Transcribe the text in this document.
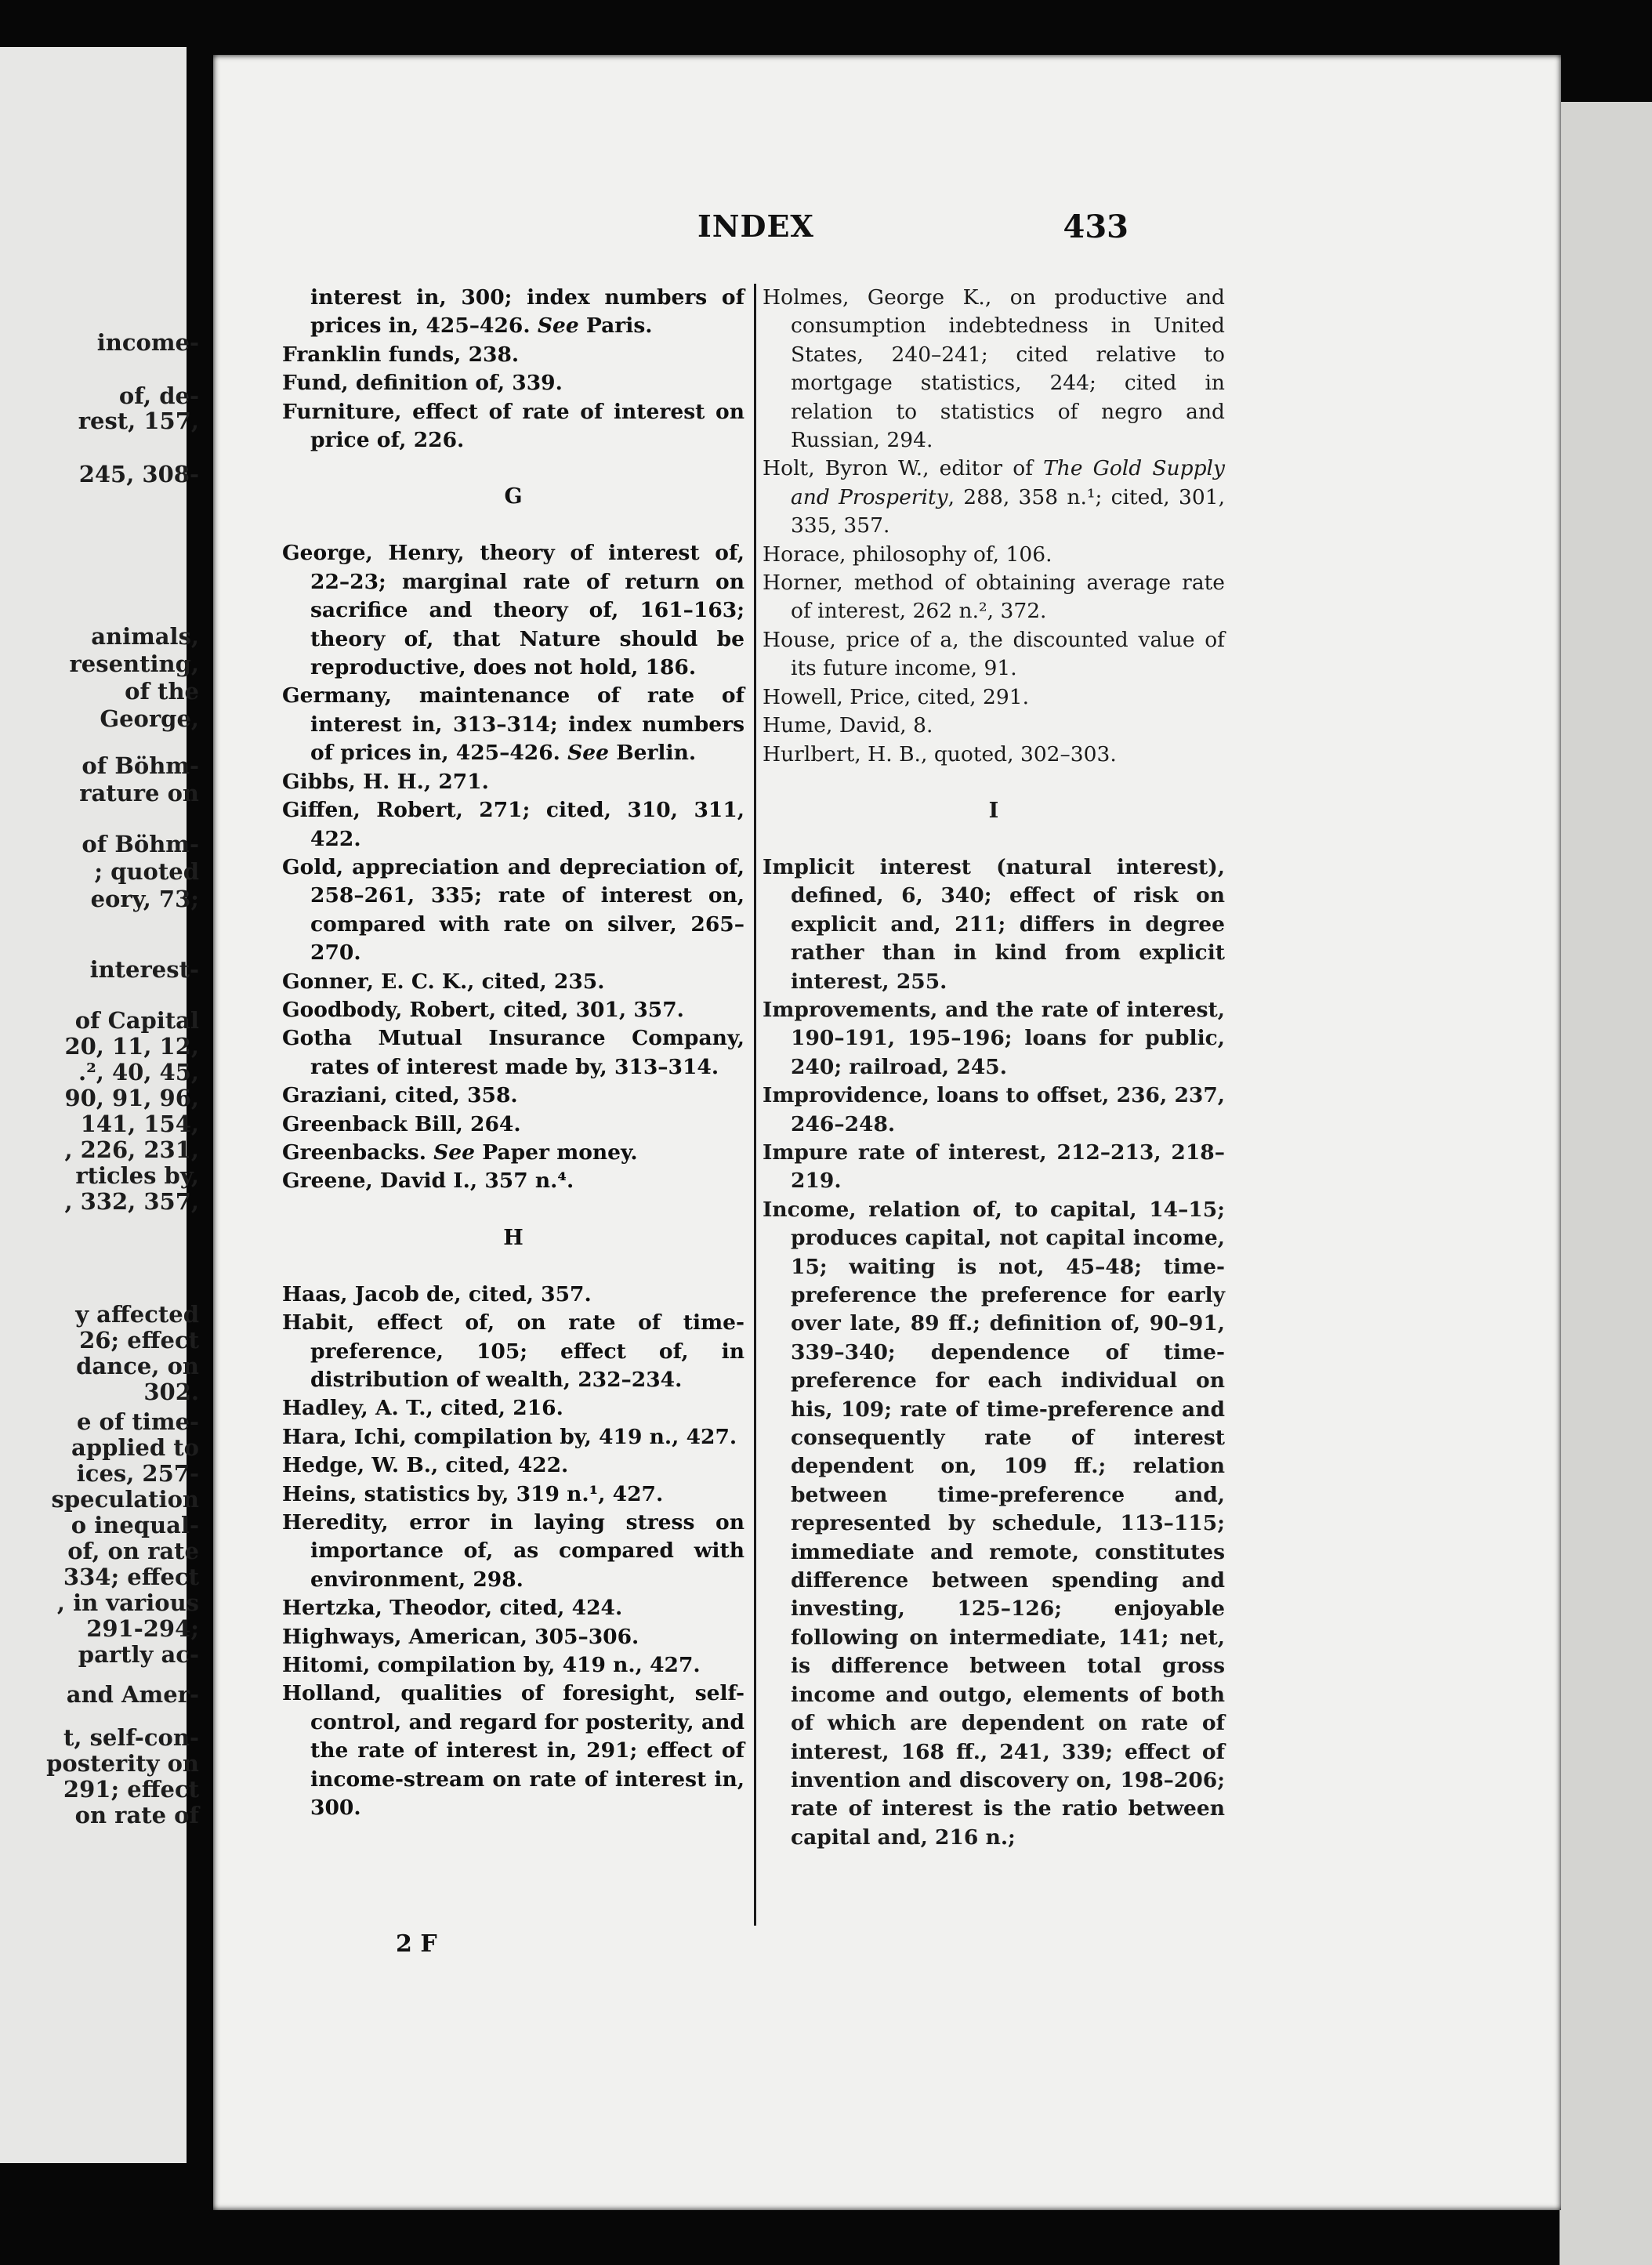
income-
of, de-
rest, 157,
245, 308-
animals,
resenting,
of the
George,
of Böhm-
rature on
of Böhm-
; quoted
eory, 73;
interest-
of Capital
20, 11, 12,
.², 40, 45,
90, 91, 96,
141, 154,
, 226, 231,
rticles by,
, 332, 357,
y affected
26; effect
dance, on
302.
e of time-
applied to
ices, 257-
speculation
o inequal-
of, on rate
334; effect
, in various
291-294;
partly ac-
and Amer-
t, self-con-
posterity on
291; effect
on rate of
INDEX	433
interest in, 300; index numbers of prices in, 425–426. See Paris.
Franklin funds, 238.
Fund, definition of, 339.
Furniture, effect of rate of interest on price of, 226.
G
George, Henry, theory of interest of, 22–23; marginal rate of return on sacrifice and theory of, 161–163; theory of, that Nature should be reproductive, does not hold, 186.
Germany, maintenance of rate of interest in, 313–314; index numbers of prices in, 425–426. See Berlin.
Gibbs, H. H., 271.
Giffen, Robert, 271; cited, 310, 311, 422.
Gold, appreciation and depreciation of, 258–261, 335; rate of interest on, compared with rate on silver, 265–270.
Gonner, E. C. K., cited, 235.
Goodbody, Robert, cited, 301, 357.
Gotha Mutual Insurance Company, rates of interest made by, 313–314.
Graziani, cited, 358.
Greenback Bill, 264.
Greenbacks. See Paper money.
Greene, David I., 357 n.⁴.
H
Haas, Jacob de, cited, 357.
Habit, effect of, on rate of time-preference, 105; effect of, in distribution of wealth, 232–234.
Hadley, A. T., cited, 216.
Hara, Ichi, compilation by, 419 n., 427.
Hedge, W. B., cited, 422.
Heins, statistics by, 319 n.¹, 427.
Heredity, error in laying stress on importance of, as compared with environment, 298.
Hertzka, Theodor, cited, 424.
Highways, American, 305–306.
Hitomi, compilation by, 419 n., 427.
Holland, qualities of foresight, self-control, and regard for posterity, and the rate of interest in, 291; effect of income-stream on rate of interest in, 300.
Holmes, George K., on productive and consumption indebtedness in United States, 240–241; cited relative to mortgage statistics, 244; cited in relation to statistics of negro and Russian, 294.
Holt, Byron W., editor of The Gold Supply and Prosperity, 288, 358 n.¹; cited, 301, 335, 357.
Horace, philosophy of, 106.
Horner, method of obtaining average rate of interest, 262 n.², 372.
House, price of a, the discounted value of its future income, 91.
Howell, Price, cited, 291.
Hume, David, 8.
Hurlbert, H. B., quoted, 302–303.
I
Implicit interest (natural interest), defined, 6, 340; effect of risk on explicit and, 211; differs in degree rather than in kind from explicit interest, 255.
Improvements, and the rate of interest, 190–191, 195–196; loans for public, 240; railroad, 245.
Improvidence, loans to offset, 236, 237, 246–248.
Impure rate of interest, 212–213, 218–219.
Income, relation of, to capital, 14–15; produces capital, not capital income, 15; waiting is not, 45–48; time-preference the preference for early over late, 89 ff.; definition of, 90–91, 339–340; dependence of time-preference for each individual on his, 109; rate of time-preference and consequently rate of interest dependent on, 109 ff.; relation between time-preference and, represented by schedule, 113–115; immediate and remote, constitutes difference between spending and investing, 125–126; enjoyable following on intermediate, 141; net, is difference between total gross income and outgo, elements of both of which are dependent on rate of interest, 168 ff., 241, 339; effect of invention and discovery on, 198–206; rate of interest is the ratio between capital and, 216 n.;
2 F
